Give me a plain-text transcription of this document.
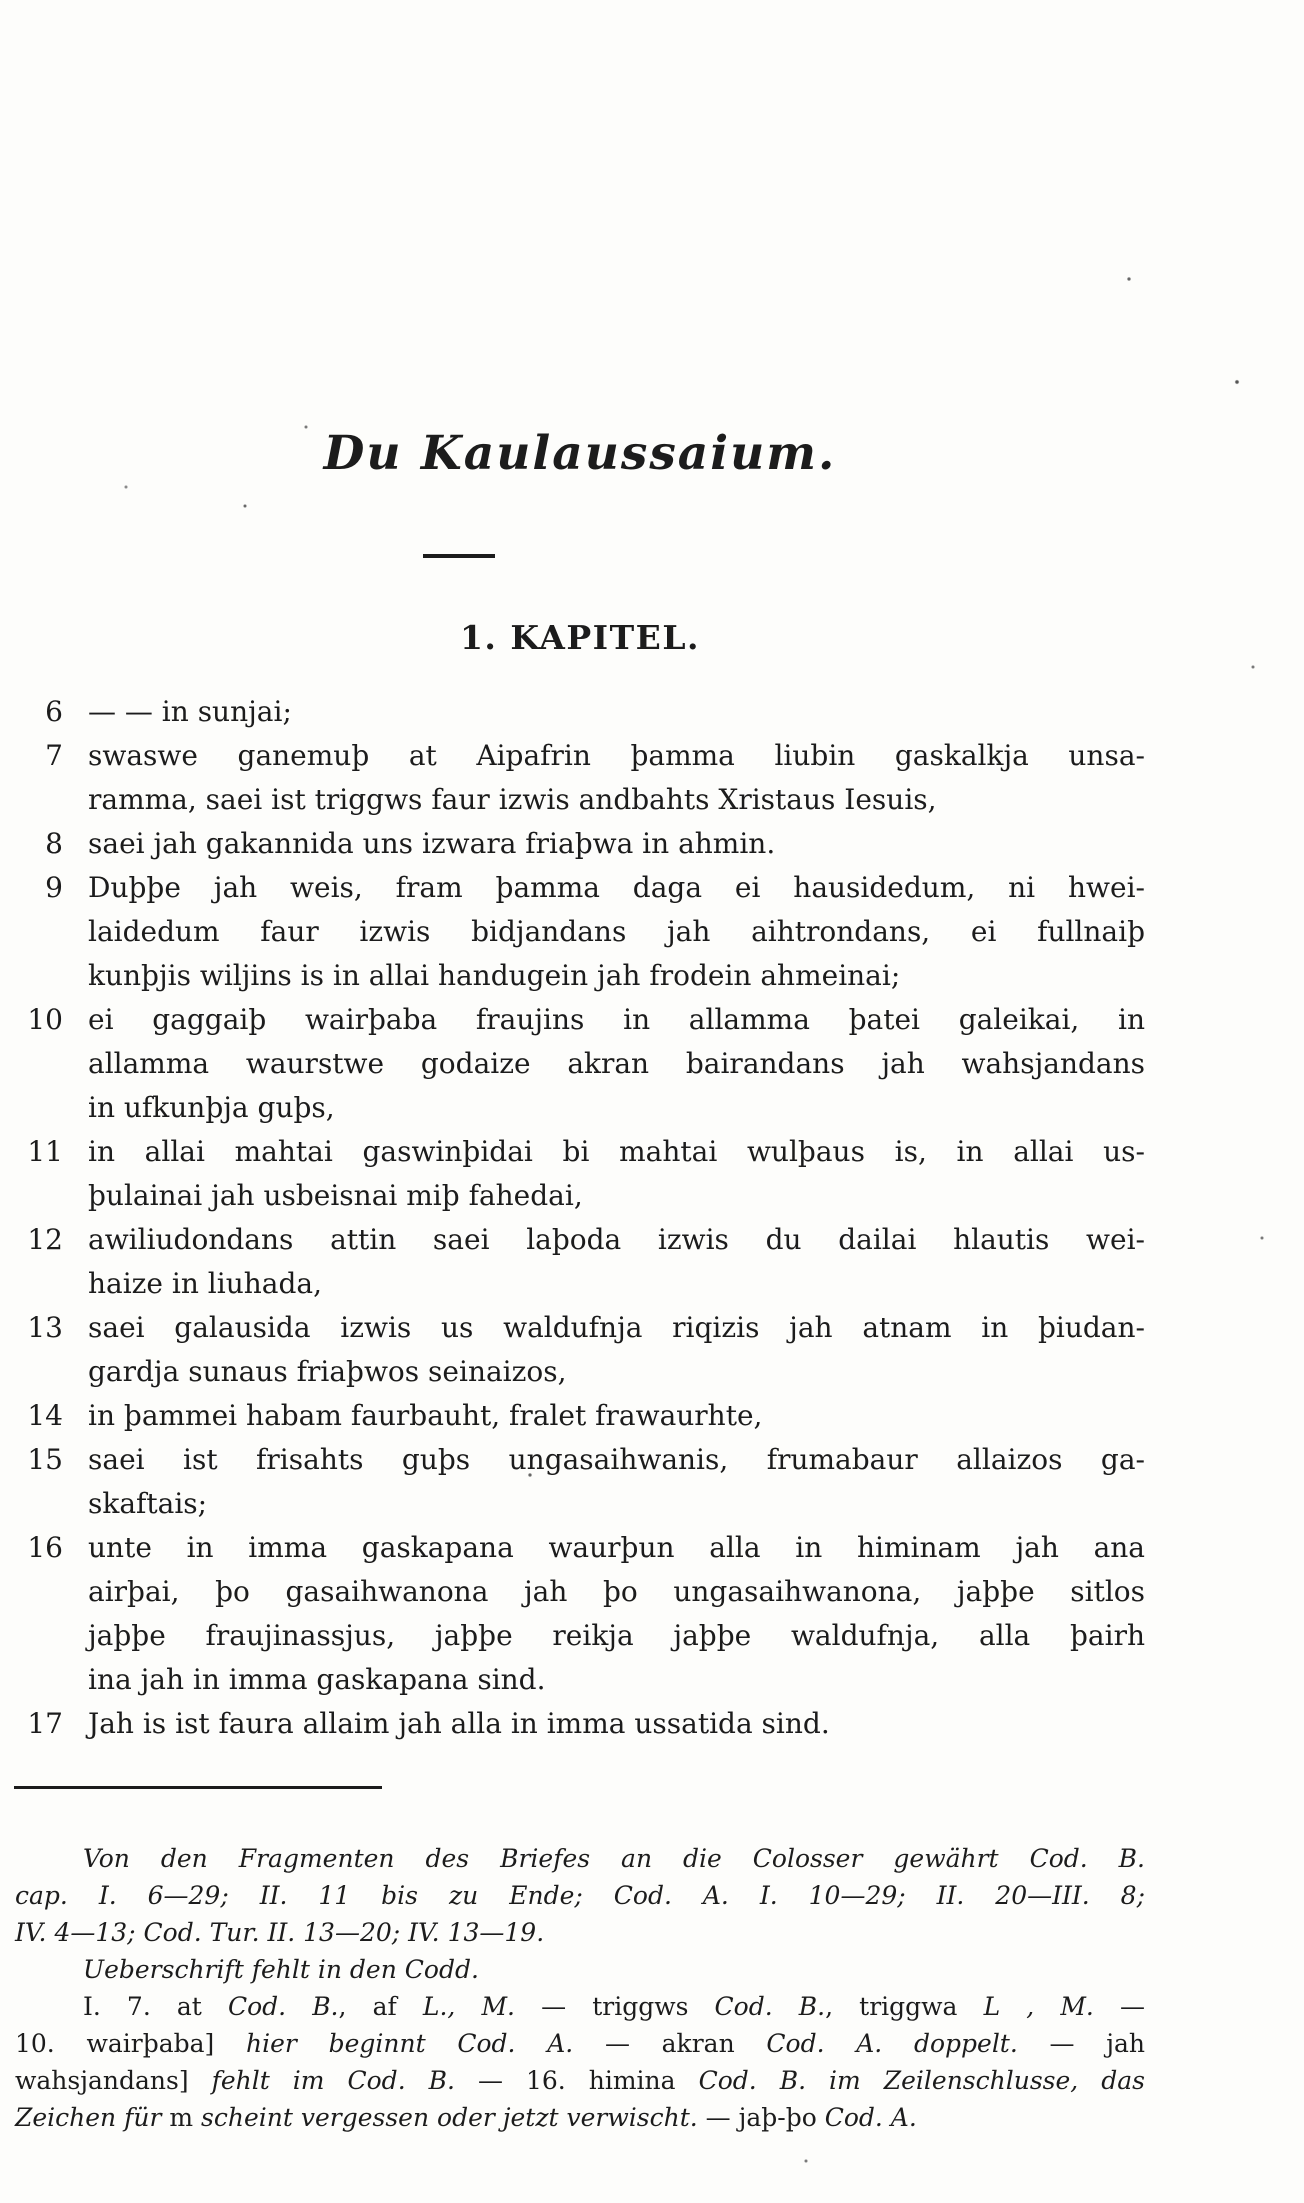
Du Kaulaussaium.
1. KAPITEL.
6 — — in sunjai;
7 swaswe ganemuþ at Aipafrin þamma liubin gaskalkja unsa-
ramma, saei ist triggws faur izwis andbahts Xristaus Iesuis,
8 saei jah gakannida uns izwara friaþwa in ahmin.
9 Duþþe jah weis, fram þamma daga ei hausidedum, ni hwei-
laidedum faur izwis bidjandans jah aihtrondans, ei fullnaiþ
kunþjis wiljins is in allai handugein jah frodein ahmeinai;
10 ei gaggaiþ wairþaba fraujins in allamma þatei galeikai, in
allamma waurstwe godaize akran bairandans jah wahsjandans
in ufkunþja guþs,
11 in allai mahtai gaswinþidai bi mahtai wulþaus is, in allai us-
þulainai jah usbeisnai miþ fahedai,
12 awiliudondans attin saei laþoda izwis du dailai hlautis wei-
haize in liuhada,
13 saei galausida izwis us waldufnja riqizis jah atnam in þiudan-
gardja sunaus friaþwos seinaizos,
14 in þammei habam faurbauht, fralet frawaurhte,
15 saei ist frisahts guþs ungasaihwanis, frumabaur allaizos ga-
skaftais;
16 unte in imma gaskapana waurþun alla in himinam jah ana
airþai, þo gasaihwanona jah þo ungasaihwanona, jaþþe sitlos
jaþþe fraujinassjus, jaþþe reikja jaþþe waldufnja, alla þairh
ina jah in imma gaskapana sind.
17 Jah is ist faura allaim jah alla in imma ussatida sind.
Von den Fragmenten des Briefes an die Colosser gewährt Cod. B.
cap. I. 6—29; II. 11 bis zu Ende; Cod. A. I. 10—29; II. 20—III. 8;
IV. 4—13; Cod. Tur. II. 13—20; IV. 13—19.
Ueberschrift fehlt in den Codd.
I. 7. at Cod. B., af L., M. — triggws Cod. B., triggwa L , M. —
10. wairþaba] hier beginnt Cod. A. — akran Cod. A. doppelt. — jah
wahsjandans] fehlt im Cod. B. — 16. himina Cod. B. im Zeilenschlusse, das
Zeichen für m scheint vergessen oder jetzt verwischt. — jaþ-þo Cod. A.
